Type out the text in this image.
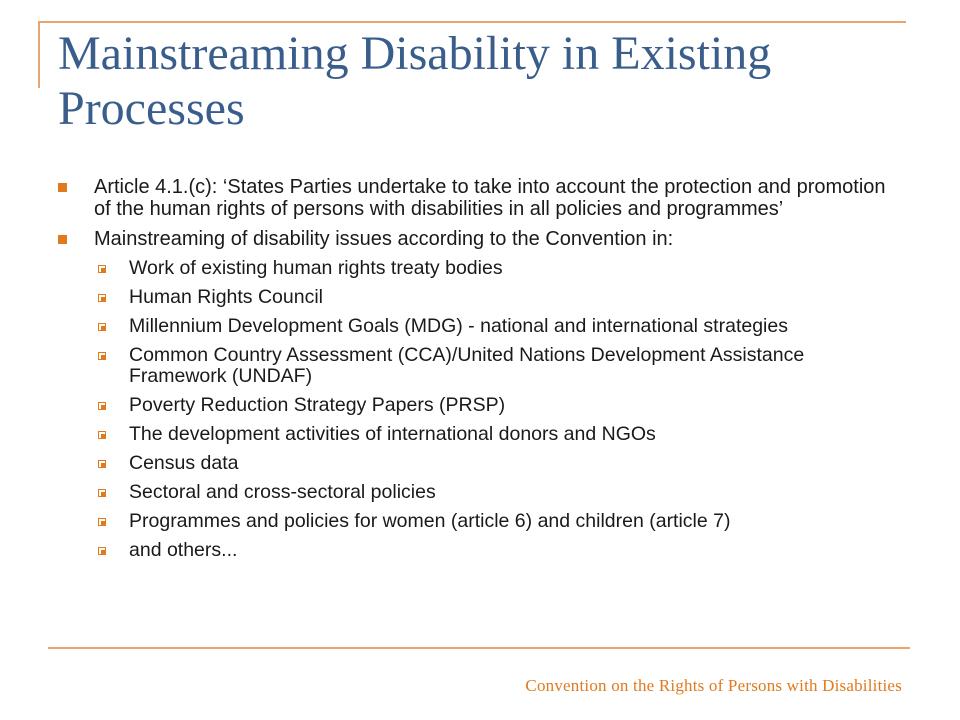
Mainstreaming Disability in Existing Processes
Article 4.1.(c): ‘States Parties undertake to take into account the protection and promotion of the human rights of persons with disabilities in all policies and programmes’
Mainstreaming of disability issues according to the Convention in:
Work of existing human rights treaty bodies
Human Rights Council
Millennium Development Goals (MDG) - national and international strategies
Common Country Assessment (CCA)/United Nations Development Assistance Framework (UNDAF)
Poverty Reduction Strategy Papers (PRSP)
The development activities of international donors and NGOs
Census data
Sectoral and cross-sectoral policies
Programmes and policies for women (article 6) and children (article 7)
and others...
Convention on the Rights of Persons with Disabilities
